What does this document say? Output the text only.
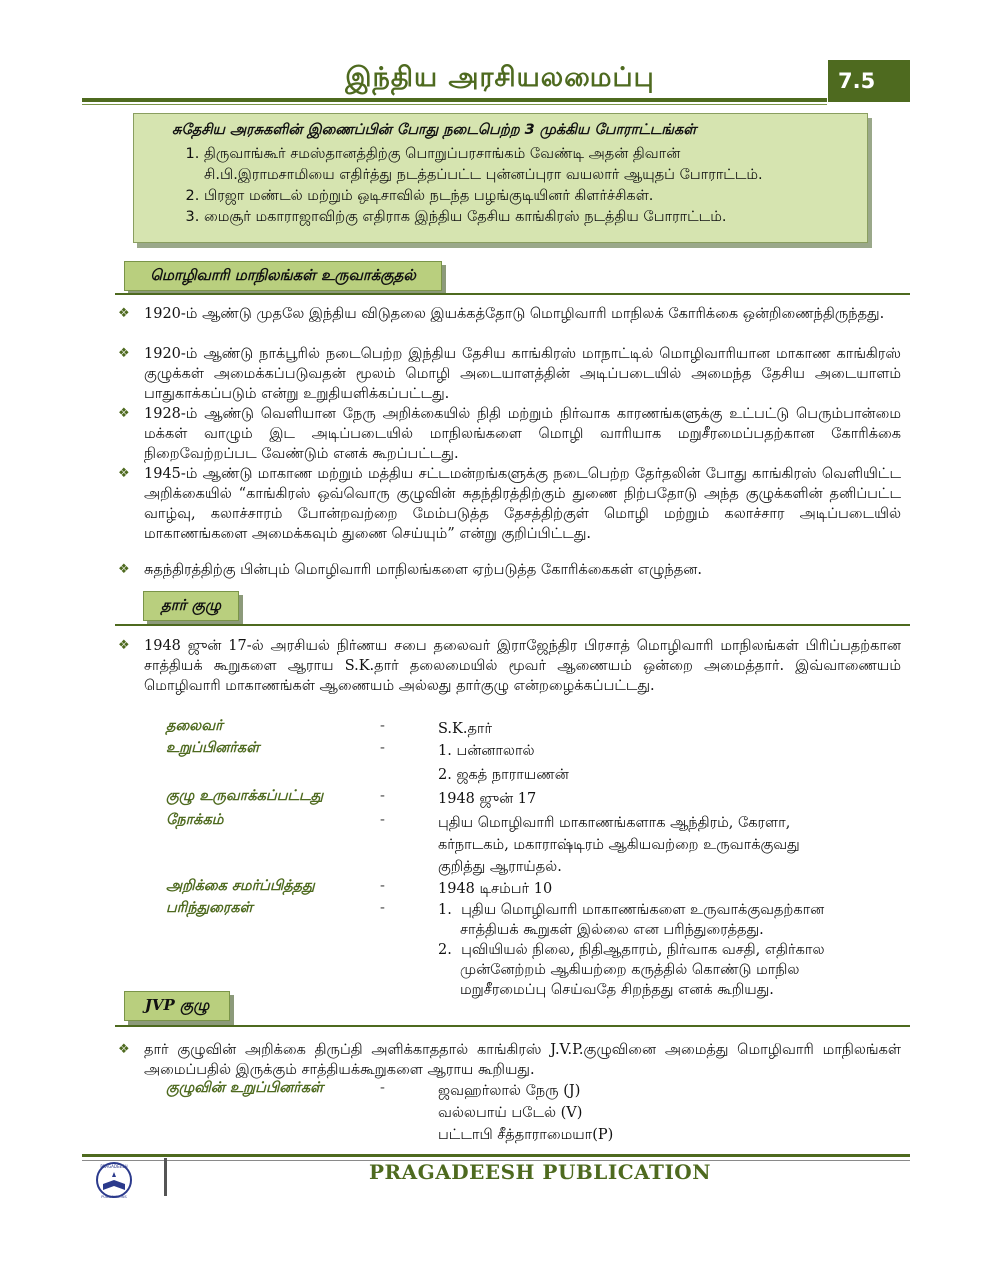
இந்திய அரசியலமைப்பு	7.5
சுதேசிய அரசுகளின் இணைப்பின் போது நடைபெற்ற 3 முக்கிய போராட்டங்கள்
1. திருவாங்கூர் சமஸ்தானத்திற்கு பொறுப்பரசாங்கம் வேண்டி அதன் திவான்
சி.பி.இராமசாமியை எதிர்த்து நடத்தப்பட்ட புன்னப்புரா வயலார் ஆயுதப் போராட்டம்.
2. பிரஜா மண்டல் மற்றும் ஒடிசாவில் நடந்த பழங்குடியினர் கிளர்ச்சிகள்.
3. மைசூர் மகாராஜாவிற்கு எதிராக இந்திய தேசிய காங்கிரஸ் நடத்திய போராட்டம்.
மொழிவாரி மாநிலங்கள் உருவாக்குதல்
❖ 1920-ம் ஆண்டு முதலே இந்திய விடுதலை இயக்கத்தோடு மொழிவாரி மாநிலக் கோரிக்கை ஒன்றிணைந்திருந்தது.
❖ 1920-ம் ஆண்டு நாக்பூரில் நடைபெற்ற இந்திய தேசிய காங்கிரஸ் மாநாட்டில் மொழிவாரியான மாகாண காங்கிரஸ் குழுக்கள் அமைக்கப்படுவதன் மூலம் மொழி அடையாளத்தின் அடிப்படையில் அமைந்த தேசிய அடையாளம் பாதுகாக்கப்படும் என்று உறுதியளிக்கப்பட்டது.
❖ 1928-ம் ஆண்டு வெளியான நேரு அறிக்கையில் நிதி மற்றும் நிர்வாக காரணங்களுக்கு உட்பட்டு பெரும்பான்மை மக்கள் வாழும் இட அடிப்படையில் மாநிலங்களை மொழி வாரியாக மறுசீரமைப்பதற்கான கோரிக்கை நிறைவேற்றப்பட வேண்டும் எனக் கூறப்பட்டது.
❖ 1945-ம் ஆண்டு மாகாண மற்றும் மத்திய சட்டமன்றங்களுக்கு நடைபெற்ற தேர்தலின் போது காங்கிரஸ் வெளியிட்ட அறிக்கையில் “காங்கிரஸ் ஒவ்வொரு குழுவின் சுதந்திரத்திற்கும் துணை நிற்பதோடு அந்த குழுக்களின் தனிப்பட்ட வாழ்வு, கலாச்சாரம் போன்றவற்றை மேம்படுத்த தேசத்திற்குள் மொழி மற்றும் கலாச்சார அடிப்படையில் மாகாணங்களை அமைக்கவும் துணை செய்யும்” என்று குறிப்பிட்டது.
❖ சுதந்திரத்திற்கு பின்பும் மொழிவாரி மாநிலங்களை ஏற்படுத்த கோரிக்கைகள் எழுந்தன.
தார் குழு
❖ 1948 ஜுன் 17-ல் அரசியல் நிர்ணய சபை தலைவர் இராஜேந்திர பிரசாத் மொழிவாரி மாநிலங்கள் பிரிப்பதற்கான சாத்தியக் கூறுகளை ஆராய S.K.தார் தலைமையில் மூவர் ஆணையம் ஒன்றை அமைத்தார். இவ்வாணையம் மொழிவாரி மாகாணங்கள் ஆணையம் அல்லது தார்குழு என்றழைக்கப்பட்டது.
தலைவர்	-	S.K.தார்
உறுப்பினர்கள்	-	1. பன்னாலால்
2. ஜகத் நாராயணன்
குழு உருவாக்கப்பட்டது	-	1948 ஜுன் 17
நோக்கம்	-	புதிய மொழிவாரி மாகாணங்களாக ஆந்திரம், கேரளா,
கர்நாடகம், மகாராஷ்டிரம் ஆகியவற்றை உருவாக்குவது
குறித்து ஆராய்தல்.
அறிக்கை சமர்ப்பித்தது	-	1948 டிசம்பர் 10
பரிந்துரைகள்	-	1. புதிய மொழிவாரி மாகாணங்களை உருவாக்குவதற்கான
சாத்தியக் கூறுகள் இல்லை என பரிந்துரைத்தது.
2. புவியியல் நிலை, நிதிஆதாரம், நிர்வாக வசதி, எதிர்கால
முன்னேற்றம் ஆகியற்றை கருத்தில் கொண்டு மாநில
மறுசீரமைப்பு செய்வதே சிறந்தது எனக் கூறியது.
JVP குழு
❖ தார் குழுவின் அறிக்கை திருப்தி அளிக்காததால் காங்கிரஸ் J.V.P.குழுவினை அமைத்து மொழிவாரி மாநிலங்கள் அமைப்பதில் இருக்கும் சாத்தியக்கூறுகளை ஆராய கூறியது.
குழுவின் உறுப்பினர்கள்	-	ஜவஹர்லால் நேரு (J)
வல்லபாய் படேல் (V)
பட்டாபி சீத்தாராமையா(P)
PRAGADEESH
PUBLICATIONS
PRAGADEESH PUBLICATION
